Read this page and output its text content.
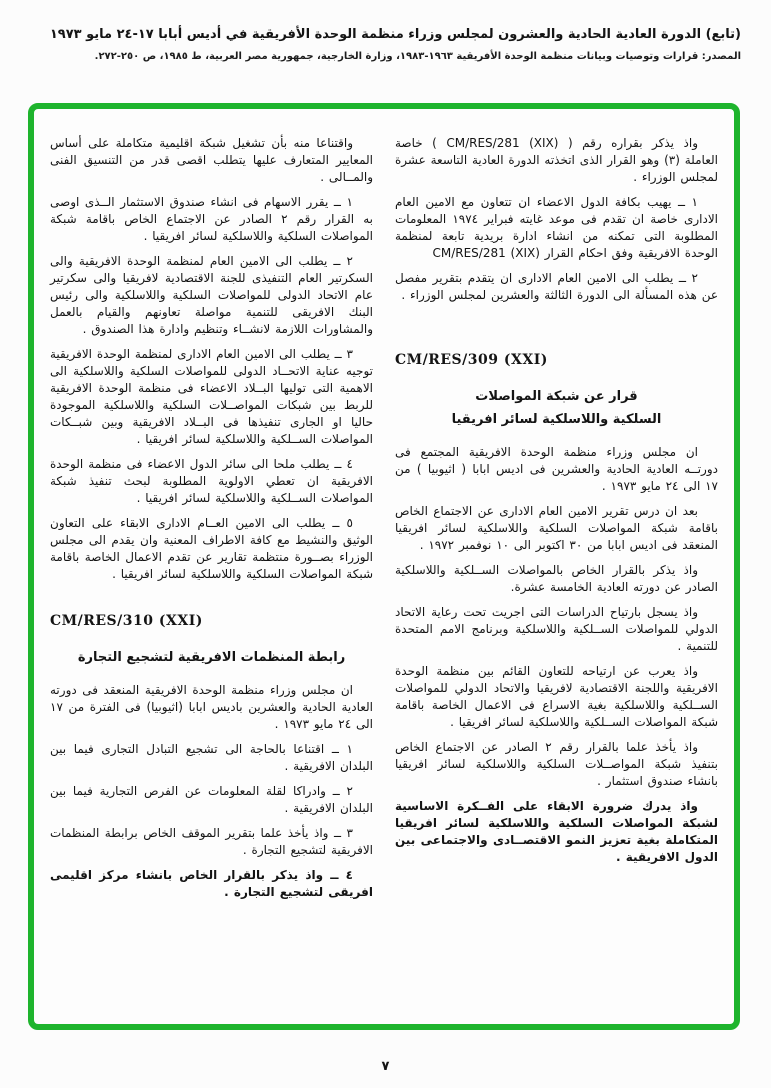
(تابع) الدورة العادية الحادية والعشرون لمجلس وزراء منظمة الوحدة الأفريقية في أديس أبابا ١٧-٢٤ مايو ١٩٧٣
المصدر: قرارات وتوصيات وبيانات منظمة الوحدة الأفريقية ١٩٦٣-١٩٨٣، وزارة الخارجية، جمهورية مصر العربية، ط ١٩٨٥، ص ٢٥٠-٢٧٢.

واذ يذكر بقراره رقم ( CM/RES/281 (XIX) ) خاصة العاملة (٣) وهو القرار الذى اتخذته الدورة العادية التاسعة عشرة لمجلس الوزراء .

١ ــ يهيب بكافة الدول الاعضاء ان تتعاون مع الامين العام الادارى خاصة ان تقدم فى موعد غايته فبراير ١٩٧٤ المعلومات المطلوبة التى تمكنه من انشاء ادارة بريدية تابعة لمنظمة الوحدة الافريقية وفق احكام القرار (CM/RES/281 (XIX

٢ ــ يطلب الى الامين العام الادارى ان يتقدم بتقرير مفصل عن هذه المسألة الى الدورة الثالثة والعشرين لمجلس الوزراء .

CM/RES/309 (XXI)
قرار عن شبكة المواصلات السلكية واللاسلكية لسائر افريقيا

ان مجلس وزراء منظمة الوحدة الافريقية المجتمع فى دورتــه العادية الحادية والعشرين فى اديس ابابا ( اثيوبيا ) من ١٧ الى ٢٤ مايو ١٩٧٣ .

بعد ان درس تقرير الامين العام الادارى عن الاجتماع الخاص باقامة شبكة المواصلات السلكية واللاسلكية لسائر افريقيا المنعقد فى اديس ابابا من ٣٠ اكتوبر الى ١٠ نوفمبر ١٩٧٢ .

واذ يذكر بالقرار الخاص بالمواصلات الســلكية واللاسلكية الصادر عن دورته العادية الخامسة عشرة.

واذ يسجل بارتياح الدراسات التى اجريت تحت رعاية الاتحاد الدولي للمواصلات الســلكية واللاسلكية وبرنامج الامم المتحدة للتنمية .

واذ يعرب عن ارتياحه للتعاون القائم بين منظمة الوحدة الافريقية واللجنة الاقتصادية لافريقيا والاتحاد الدولي للمواصلات الســلكية واللاسلكية بغية الاسراع فى الاعمال الخاصة باقامة شبكة المواصلات الســلكية واللاسلكية لسائر افريقيا .

واذ يأخذ علما بالقرار رقم ٢ الصادر عن الاجتماع الخاص بتنفيذ شبكة المواصــلات السلكية واللاسلكية لسائر افريقيا بانشاء صندوق استثمار .

واذ يدرك ضرورة الابقاء على الفــكرة الاساسية لشبكة المواصلات السلكية واللاسلكية لسائر افريقيا المتكاملة بغية تعزيز النمو الاقتصــادى والاجتماعى بين الدول الافريقية .

واقتناعا منه بأن تشغيل شبكة اقليمية متكاملة على أساس المعايير المتعارف عليها يتطلب اقصى قدر من التنسيق الفنى والمــالى .

١ ــ يقرر الاسهام فى انشاء صندوق الاستثمار الــذى اوصى به القرار رقم ٢ الصادر عن الاجتماع الخاص باقامة شبكة المواصلات السلكية واللاسلكية لسائر افريقيا .

٢ ــ يطلب الى الامين العام لمنظمة الوحدة الافريقية والى السكرتير العام التنفيذى للجنة الاقتصادية لافريقيا والى سكرتير عام الاتحاد الدولى للمواصلات السلكية واللاسلكية والى رئيس البنك الافريقى للتنمية مواصلة تعاونهم والقيام بالعمل والمشاورات اللازمة لانشــاء وتنظيم وادارة هذا الصندوق .

٣ ــ يطلب الى الامين العام الادارى لمنظمة الوحدة الافريقية توجيه عناية الاتحــاد الدولى للمواصلات السلكية واللاسلكية الى الاهمية التى توليها البــلاد الاعضاء فى منظمة الوحدة الافريقية للربط بين شبكات المواصــلات السلكية واللاسلكية الموجودة حاليا او الجارى تنفيذها فى البــلاد الافريقية وبين شبــكات المواصلات الســلكية واللاسلكية لسائر افريقيا .

٤ ــ يطلب ملحا الى سائر الدول الاعضاء فى منظمة الوحدة الافريقية ان تعطي الاولوية المطلوبة لبحث تنفيذ شبكة المواصلات الســلكية واللاسلكية لسائر افريقيا .

٥ ــ يطلب الى الامين العــام الادارى الابقاء على التعاون الوثيق والنشيط مع كافة الاطراف المعنية وان يقدم الى مجلس الوزراء بصــورة منتظمة تقارير عن تقدم الاعمال الخاصة باقامة شبكة المواصلات السلكية واللاسلكية لسائر افريقيا .

CM/RES/310 (XXI)
رابطة المنظمات الافريقية لتشجيع التجارة

ان مجلس وزراء منظمة الوحدة الافريقية المنعقد فى دورته العادية الحادية والعشرين باديس ابابا (اثيوبيا) فى الفترة من ١٧ الى ٢٤ مايو ١٩٧٣ .

١ ــ اقتناعا بالحاجة الى تشجيع التبادل التجارى فيما بين البلدان الافريقية .

٢ ــ وادراكا لقلة المعلومات عن الفرص التجارية فيما بين البلدان الافريقية .

٣ ــ واذ يأخذ علما بتقرير الموقف الخاص برابطة المنظمات الافريقية لتشجيع التجارة .

٤ ــ واذ يذكر بالقرار الخاص بانشاء مركز اقليمى افريقى لتشجيع التجارة .

٧
